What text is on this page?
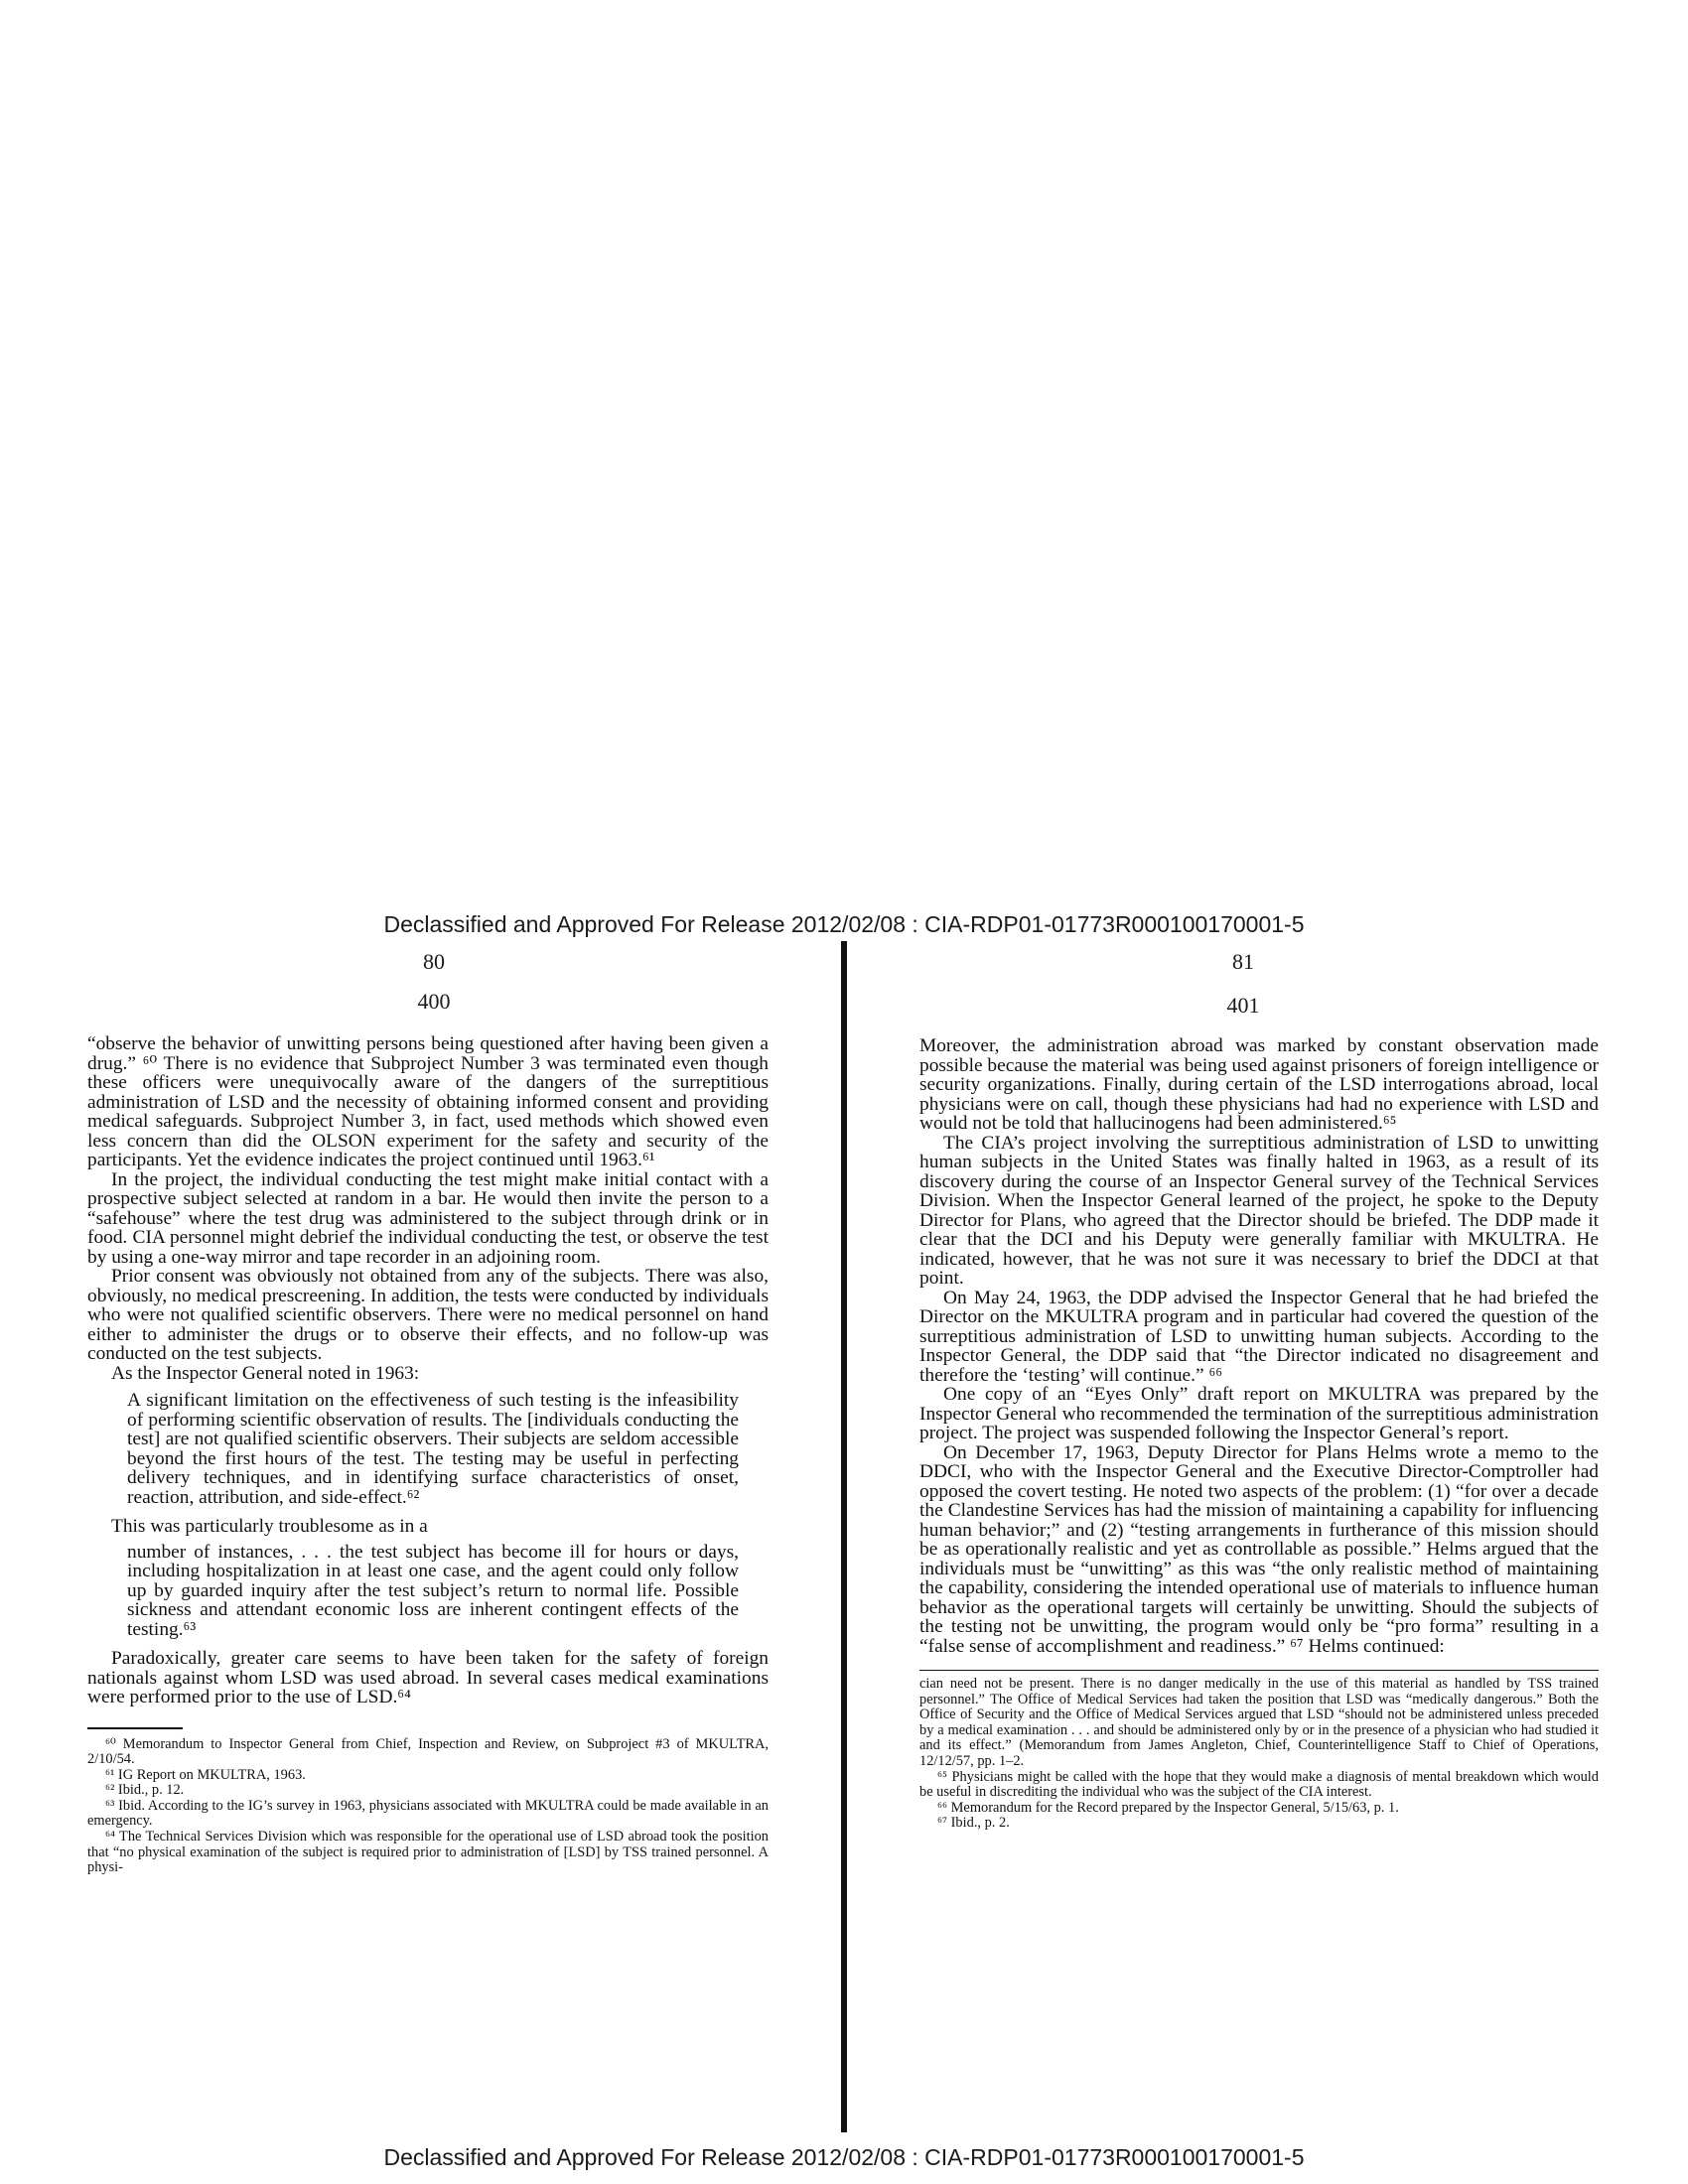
Declassified and Approved For Release 2012/02/08 : CIA-RDP01-01773R000100170001-5
80
400
81
401

“observe the behavior of unwitting persons being questioned after having been given a drug.” ⁶⁰ There is no evidence that Subproject Number 3 was terminated even though these officers were unequivocally aware of the dangers of the surreptitious administration of LSD and the necessity of obtaining informed consent and providing medical safeguards. Subproject Number 3, in fact, used methods which showed even less concern than did the OLSON experiment for the safety and security of the participants. Yet the evidence indicates the project continued until 1963.⁶¹

In the project, the individual conducting the test might make initial contact with a prospective subject selected at random in a bar. He would then invite the person to a “safehouse” where the test drug was administered to the subject through drink or in food. CIA personnel might debrief the individual conducting the test, or observe the test by using a one-way mirror and tape recorder in an adjoining room.

Prior consent was obviously not obtained from any of the subjects. There was also, obviously, no medical prescreening. In addition, the tests were conducted by individuals who were not qualified scientific observers. There were no medical personnel on hand either to administer the drugs or to observe their effects, and no follow-up was conducted on the test subjects.

As the Inspector General noted in 1963:

A significant limitation on the effectiveness of such testing is the infeasibility of performing scientific observation of results. The [individuals conducting the test] are not qualified scientific observers. Their subjects are seldom accessible beyond the first hours of the test. The testing may be useful in perfecting delivery techniques, and in identifying surface characteristics of onset, reaction, attribution, and side-effect.⁶²

This was particularly troublesome as in a

number of instances, . . . the test subject has become ill for hours or days, including hospitalization in at least one case, and the agent could only follow up by guarded inquiry after the test subject’s return to normal life. Possible sickness and attendant economic loss are inherent contingent effects of the testing.⁶³

Paradoxically, greater care seems to have been taken for the safety of foreign nationals against whom LSD was used abroad. In several cases medical examinations were performed prior to the use of LSD.⁶⁴

⁶⁰ Memorandum to Inspector General from Chief, Inspection and Review, on Subproject #3 of MKULTRA, 2/10/54.

⁶¹ IG Report on MKULTRA, 1963.

⁶² Ibid., p. 12.

⁶³ Ibid. According to the IG’s survey in 1963, physicians associated with MKULTRA could be made available in an emergency.

⁶⁴ The Technical Services Division which was responsible for the operational use of LSD abroad took the position that “no physical examination of the subject is required prior to administration of [LSD] by TSS trained personnel. A physi-

Moreover, the administration abroad was marked by constant observation made possible because the material was being used against prisoners of foreign intelligence or security organizations. Finally, during certain of the LSD interrogations abroad, local physicians were on call, though these physicians had had no experience with LSD and would not be told that hallucinogens had been administered.⁶⁵

The CIA’s project involving the surreptitious administration of LSD to unwitting human subjects in the United States was finally halted in 1963, as a result of its discovery during the course of an Inspector General survey of the Technical Services Division. When the Inspector General learned of the project, he spoke to the Deputy Director for Plans, who agreed that the Director should be briefed. The DDP made it clear that the DCI and his Deputy were generally familiar with MKULTRA. He indicated, however, that he was not sure it was necessary to brief the DDCI at that point.

On May 24, 1963, the DDP advised the Inspector General that he had briefed the Director on the MKULTRA program and in particular had covered the question of the surreptitious administration of LSD to unwitting human subjects. According to the Inspector General, the DDP said that “the Director indicated no disagreement and therefore the ‘testing’ will continue.” ⁶⁶

One copy of an “Eyes Only” draft report on MKULTRA was prepared by the Inspector General who recommended the termination of the surreptitious administration project. The project was suspended following the Inspector General’s report.

On December 17, 1963, Deputy Director for Plans Helms wrote a memo to the DDCI, who with the Inspector General and the Executive Director-Comptroller had opposed the covert testing. He noted two aspects of the problem: (1) “for over a decade the Clandestine Services has had the mission of maintaining a capability for influencing human behavior;” and (2) “testing arrangements in furtherance of this mission should be as operationally realistic and yet as controllable as possible.” Helms argued that the individuals must be “unwitting” as this was “the only realistic method of maintaining the capability, considering the intended operational use of materials to influence human behavior as the operational targets will certainly be unwitting. Should the subjects of the testing not be unwitting, the program would only be “pro forma” resulting in a “false sense of accomplishment and readiness.” ⁶⁷ Helms continued:

cian need not be present. There is no danger medically in the use of this material as handled by TSS trained personnel.” The Office of Medical Services had taken the position that LSD was “medically dangerous.” Both the Office of Security and the Office of Medical Services argued that LSD “should not be administered unless preceded by a medical examination . . . and should be administered only by or in the presence of a physician who had studied it and its effect.” (Memorandum from James Angleton, Chief, Counterintelligence Staff to Chief of Operations, 12/12/57, pp. 1–2.

⁶⁵ Physicians might be called with the hope that they would make a diagnosis of mental breakdown which would be useful in discrediting the individual who was the subject of the CIA interest.

⁶⁶ Memorandum for the Record prepared by the Inspector General, 5/15/63, p. 1.

⁶⁷ Ibid., p. 2.

Declassified and Approved For Release 2012/02/08 : CIA-RDP01-01773R000100170001-5
